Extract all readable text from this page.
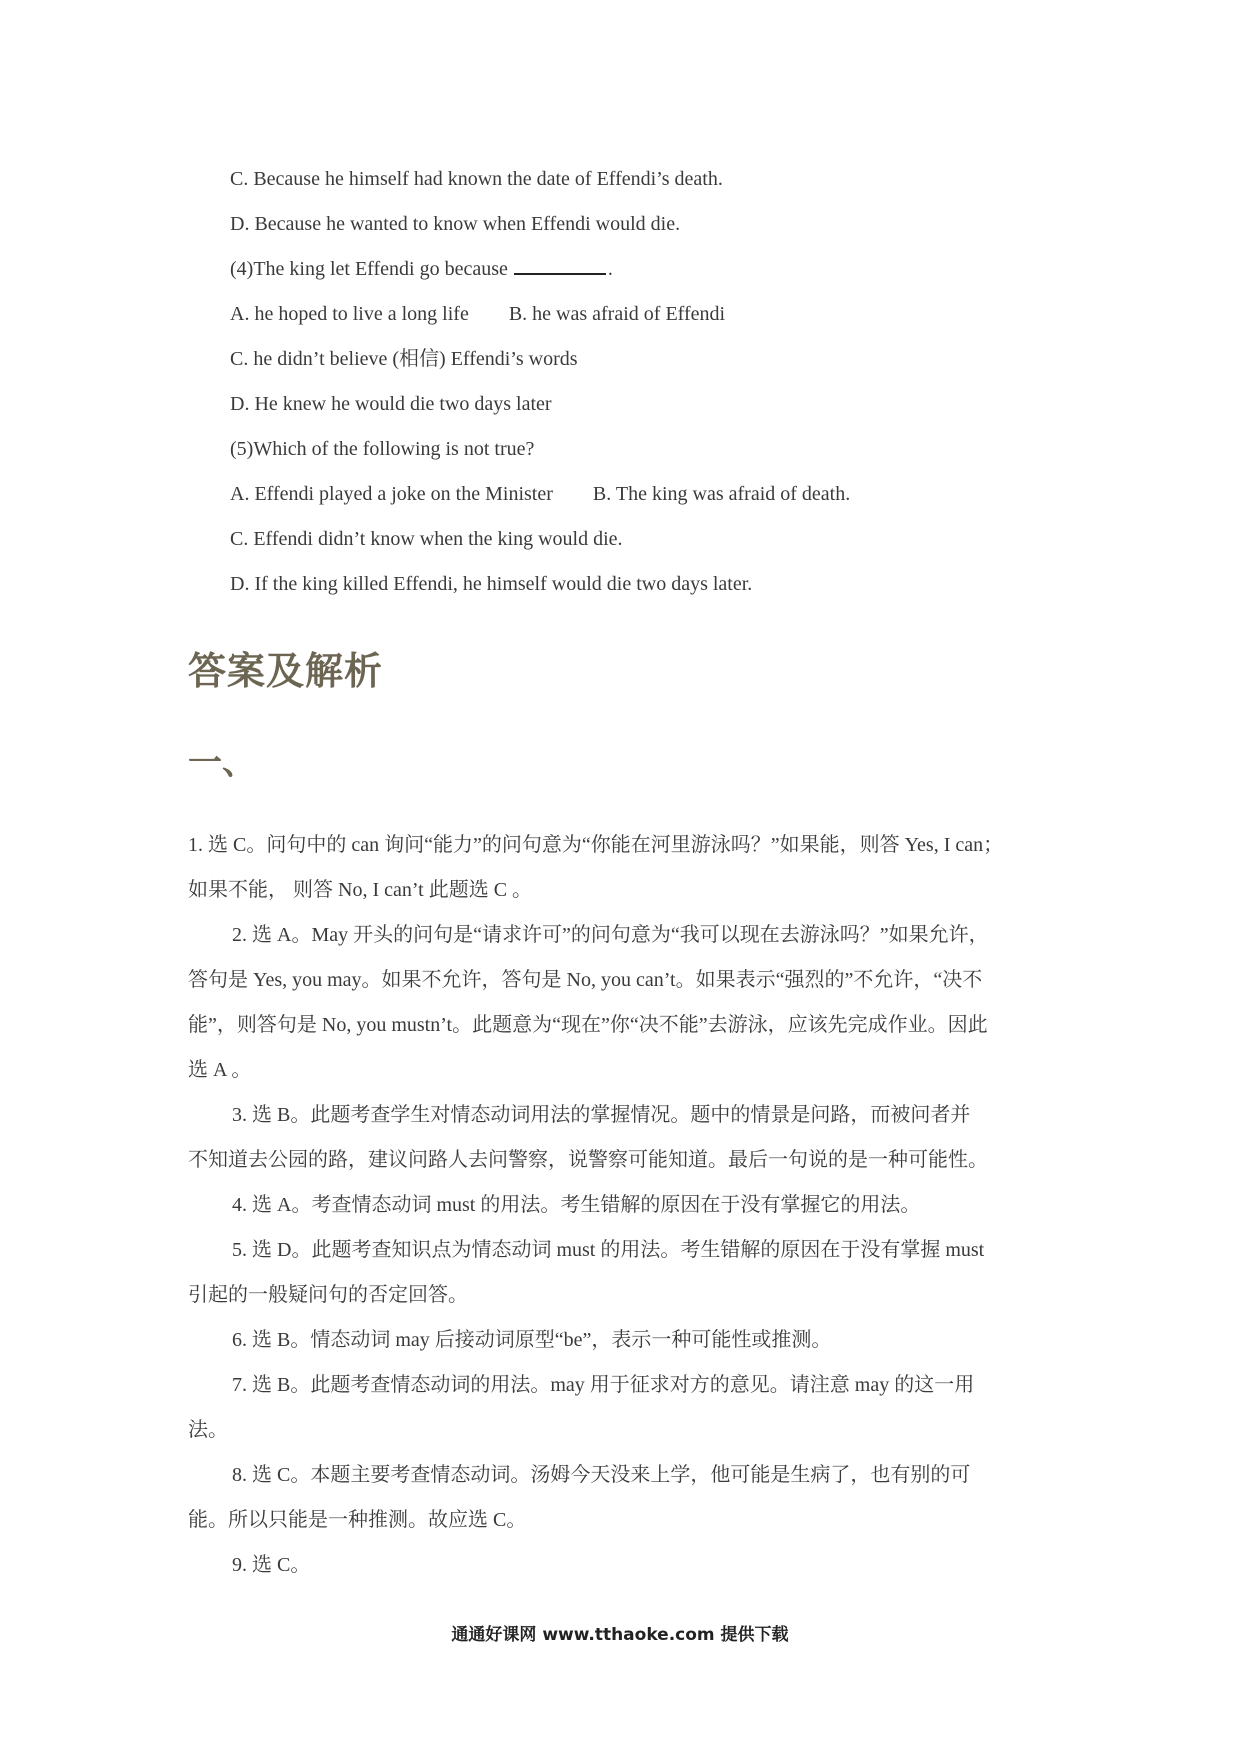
C. Because he himself had known the date of Effendi’s death.
D. Because he wanted to know when Effendi would die.
(4)The king let Effendi go because	.
A. he hoped to live a long life B. he was afraid of Effendi
C. he didn’t believe (相信) Effendi’s words
D. He knew he would die two days later
(5)Which of the following is not true?
A. Effendi played a joke on the Minister B. The king was afraid of death.
C. Effendi didn’t know when the king would die.
D. If the king killed Effendi, he himself would die two days later.
答案及解析
一、
1. 选 C。问句中的 can 询问“能力”的问句意为“你能在河里游泳吗？”如果能，则答 Yes, I can；
如果不能， 则答 No, I can’t 此题选 C 。
2. 选 A。May 开头的问句是“请求许可”的问句意为“我可以现在去游泳吗？”如果允许，
答句是 Yes, you may。如果不允许，答句是 No, you can’t。如果表示“强烈的”不允许，“决不
能”，则答句是 No, you mustn’t。此题意为“现在”你“决不能”去游泳，应该先完成作业。因此
选 A 。
3. 选 B。此题考查学生对情态动词用法的掌握情况。题中的情景是问路，而被问者并
不知道去公园的路，建议问路人去问警察，说警察可能知道。最后一句说的是一种可能性。
4. 选 A。考查情态动词 must 的用法。考生错解的原因在于没有掌握它的用法。
5. 选 D。此题考查知识点为情态动词 must 的用法。考生错解的原因在于没有掌握 must
引起的一般疑问句的否定回答。
6. 选 B。情态动词 may 后接动词原型“be”，表示一种可能性或推测。
7. 选 B。此题考查情态动词的用法。may 用于征求对方的意见。请注意 may 的这一用
法。
8. 选 C。本题主要考查情态动词。汤姆今天没来上学，他可能是生病了，也有别的可
能。所以只能是一种推测。故应选 C。
9. 选 C。
通通好课网 www.tthaoke.com 提供下载
